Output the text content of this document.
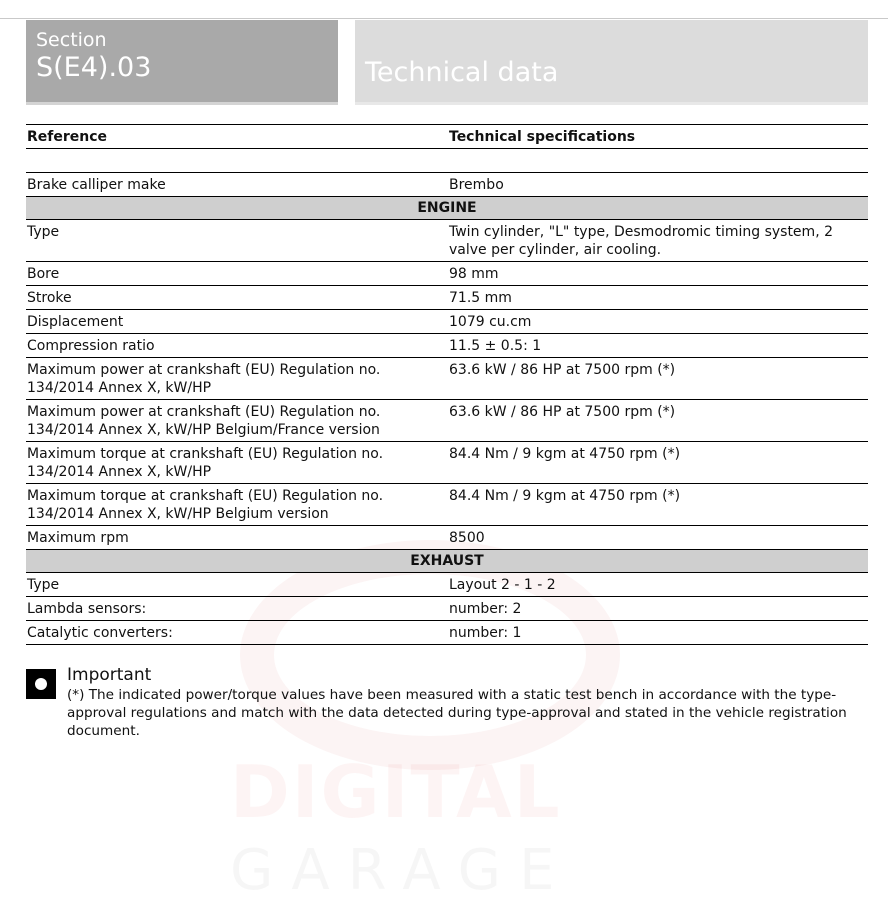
Section
S(E4).03	Technical data
DIGITAL
Reference	Technical specifications

Brake calliper make	Brembo
ENGINE	
Type	Twin cylinder, "L" type, Desmodromic timing system, 2 valve per cylinder, air cooling.
Bore	98 mm
Stroke	71.5 mm
Displacement	1079 cu.cm
Compression ratio	11.5 ± 0.5: 1
Maximum power at crankshaft (EU) Regulation no. 134/2014 Annex X, kW/HP	63.6 kW / 86 HP at 7500 rpm (*)
Maximum power at crankshaft (EU) Regulation no. 134/2014 Annex X, kW/HP Belgium/France version	63.6 kW / 86 HP at 7500 rpm (*)
Maximum torque at crankshaft (EU) Regulation no. 134/2014 Annex X, kW/HP	84.4 Nm / 9 kgm at 4750 rpm (*)
Maximum torque at crankshaft (EU) Regulation no. 134/2014 Annex X, kW/HP Belgium version	84.4 Nm / 9 kgm at 4750 rpm (*)
Maximum rpm	8500
EXHAUST	
Type	Layout 2 - 1 - 2
Lambda sensors:	number: 2
Catalytic converters:	number: 1
Important
(*) The indicated power/torque values have been measured with a static test bench in accordance with the type-approval regulations and match with the data detected during type-approval and stated in the vehicle registration document.
